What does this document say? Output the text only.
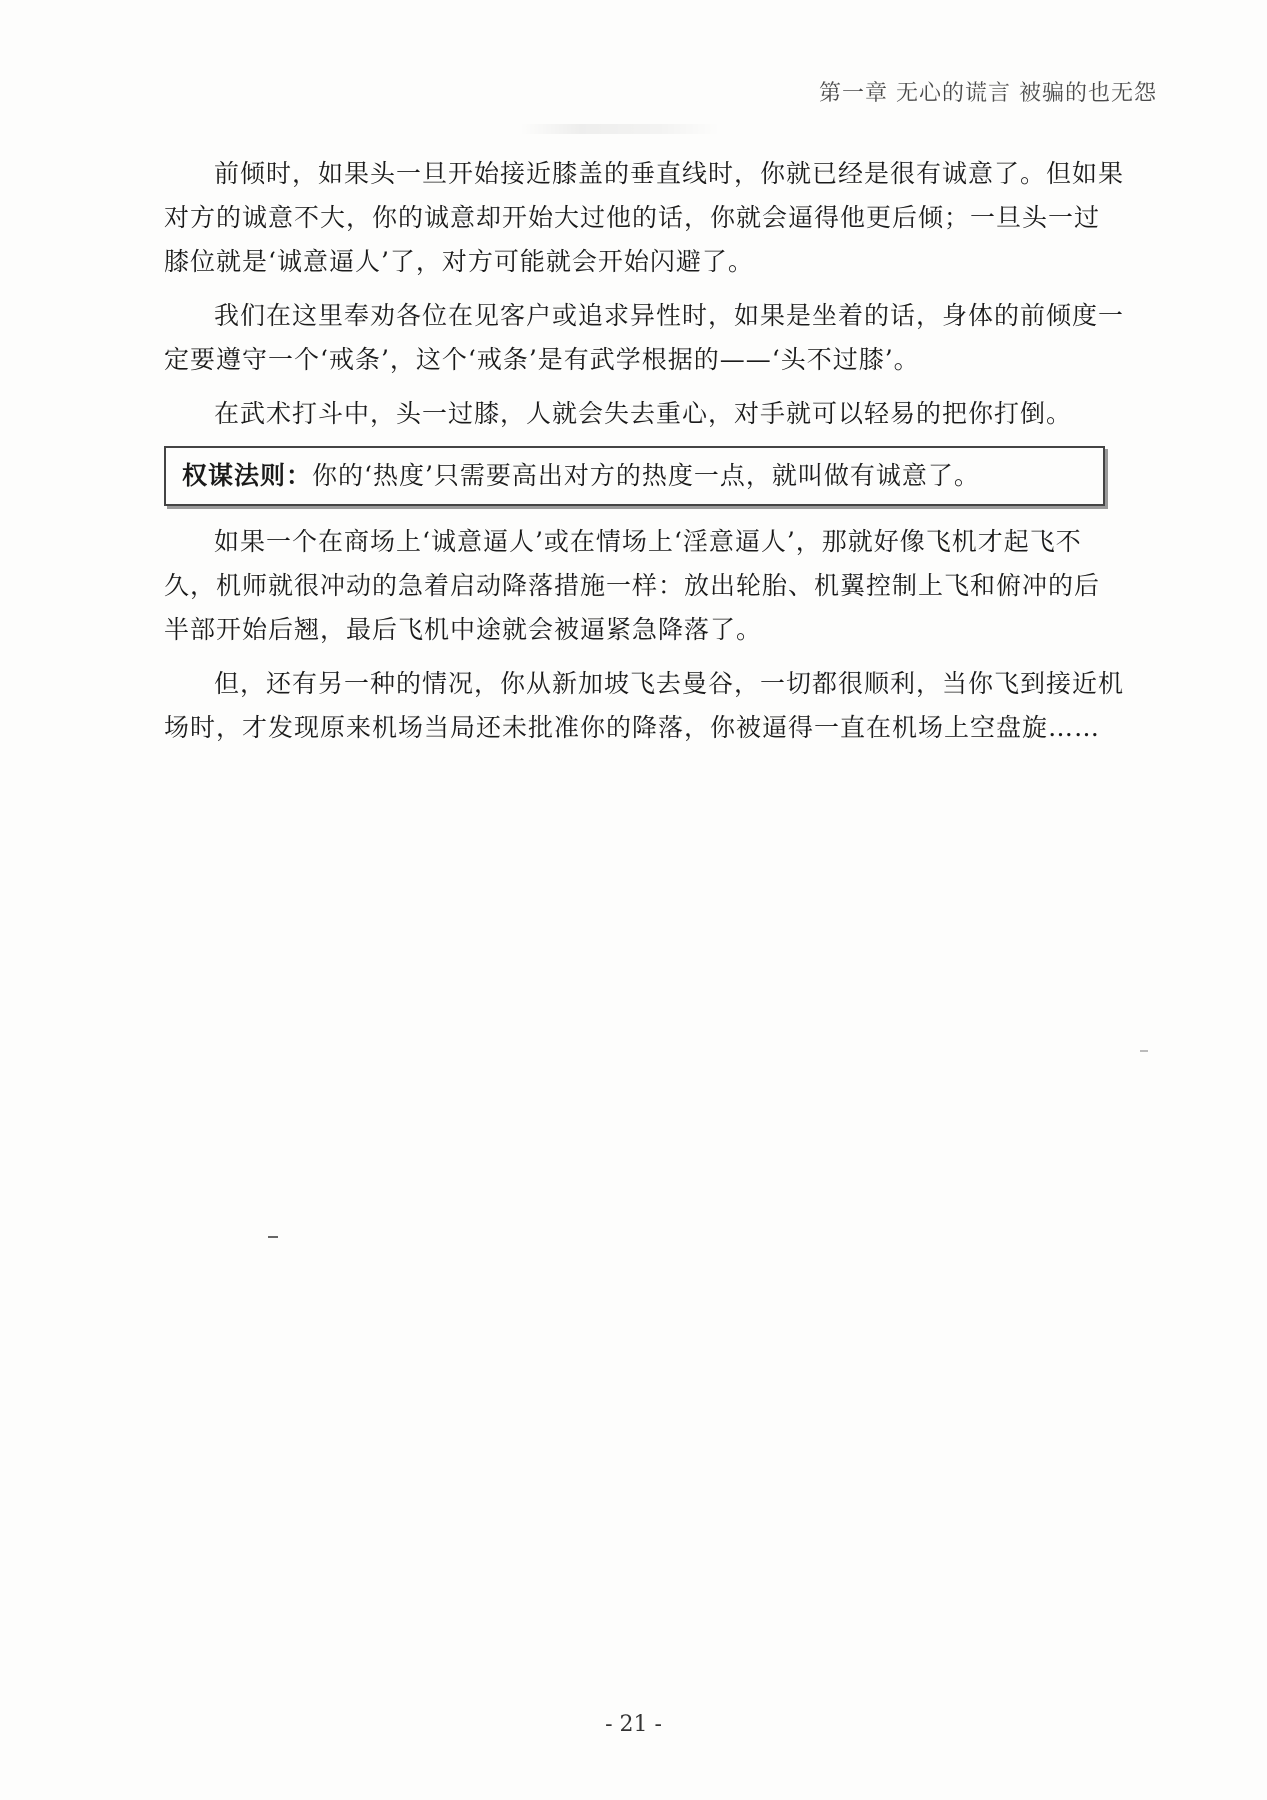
第一章 无心的谎言 被骗的也无怨

前倾时，如果头一旦开始接近膝盖的垂直线时，你就已经是很有诚意了。但如果对方的诚意不大，你的诚意却开始大过他的话，你就会逼得他更后倾；一旦头一过膝位就是‘诚意逼人’了，对方可能就会开始闪避了。

我们在这里奉劝各位在见客户或追求异性时，如果是坐着的话，身体的前倾度一定要遵守一个‘戒条’，这个‘戒条’是有武学根据的——‘头不过膝’。

在武术打斗中，头一过膝，人就会失去重心，对手就可以轻易的把你打倒。

权谋法则：你的‘热度’只需要高出对方的热度一点，就叫做有诚意了。

如果一个在商场上‘诚意逼人’或在情场上‘淫意逼人’，那就好像飞机才起飞不久，机师就很冲动的急着启动降落措施一样：放出轮胎、机翼控制上飞和俯冲的后半部开始后翘，最后飞机中途就会被逼紧急降落了。

但，还有另一种的情况，你从新加坡飞去曼谷，一切都很顺利，当你飞到接近机场时，才发现原来机场当局还未批准你的降落，你被逼得一直在机场上空盘旋……

- 21 -
